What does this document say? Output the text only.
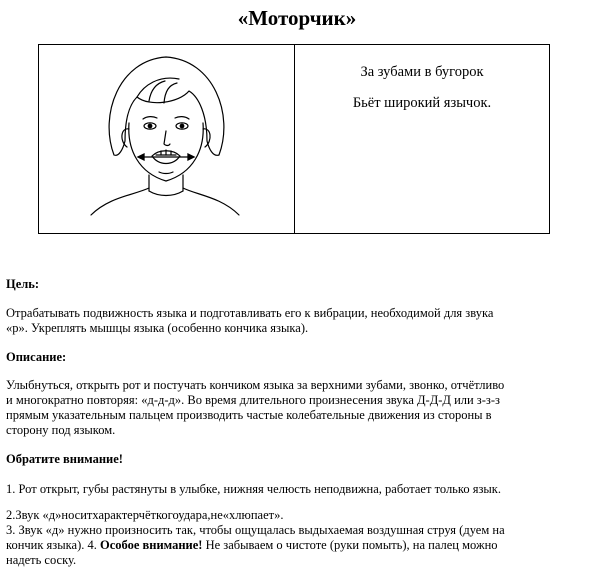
«Моторчик»
За зубами в бугорок
Бьёт широкий язычок.
Цель:
Отрабатывать подвижность языка и подготавливать его к вибрации, необходимой для звука
«р». Укреплять мышцы языка (особенно кончика языка).
Описание:
Улыбнуться, открыть рот и постучать кончиком языка за верхними зубами, звонко, отчётливо
и многократно повторяя: «д-д-д». Во время длительного произнесения звука Д-Д-Д или з-з-з
прямым указательным пальцем производить частые колебательные движения из стороны в
сторону под языком.
Обратите внимание!
1. Рот открыт, губы растянуты в улыбке, нижняя челюсть неподвижна, работает только язык.
2.Звук «д»носитхарактерчёткогоудара,не«хлюпает».
3. Звук «д» нужно произносить так, чтобы ощущалась выдыхаемая воздушная струя (дуем на
кончик языка). 4. Особое внимание! Не забываем о чистоте (руки помыть), на палец можно
надеть соску.
